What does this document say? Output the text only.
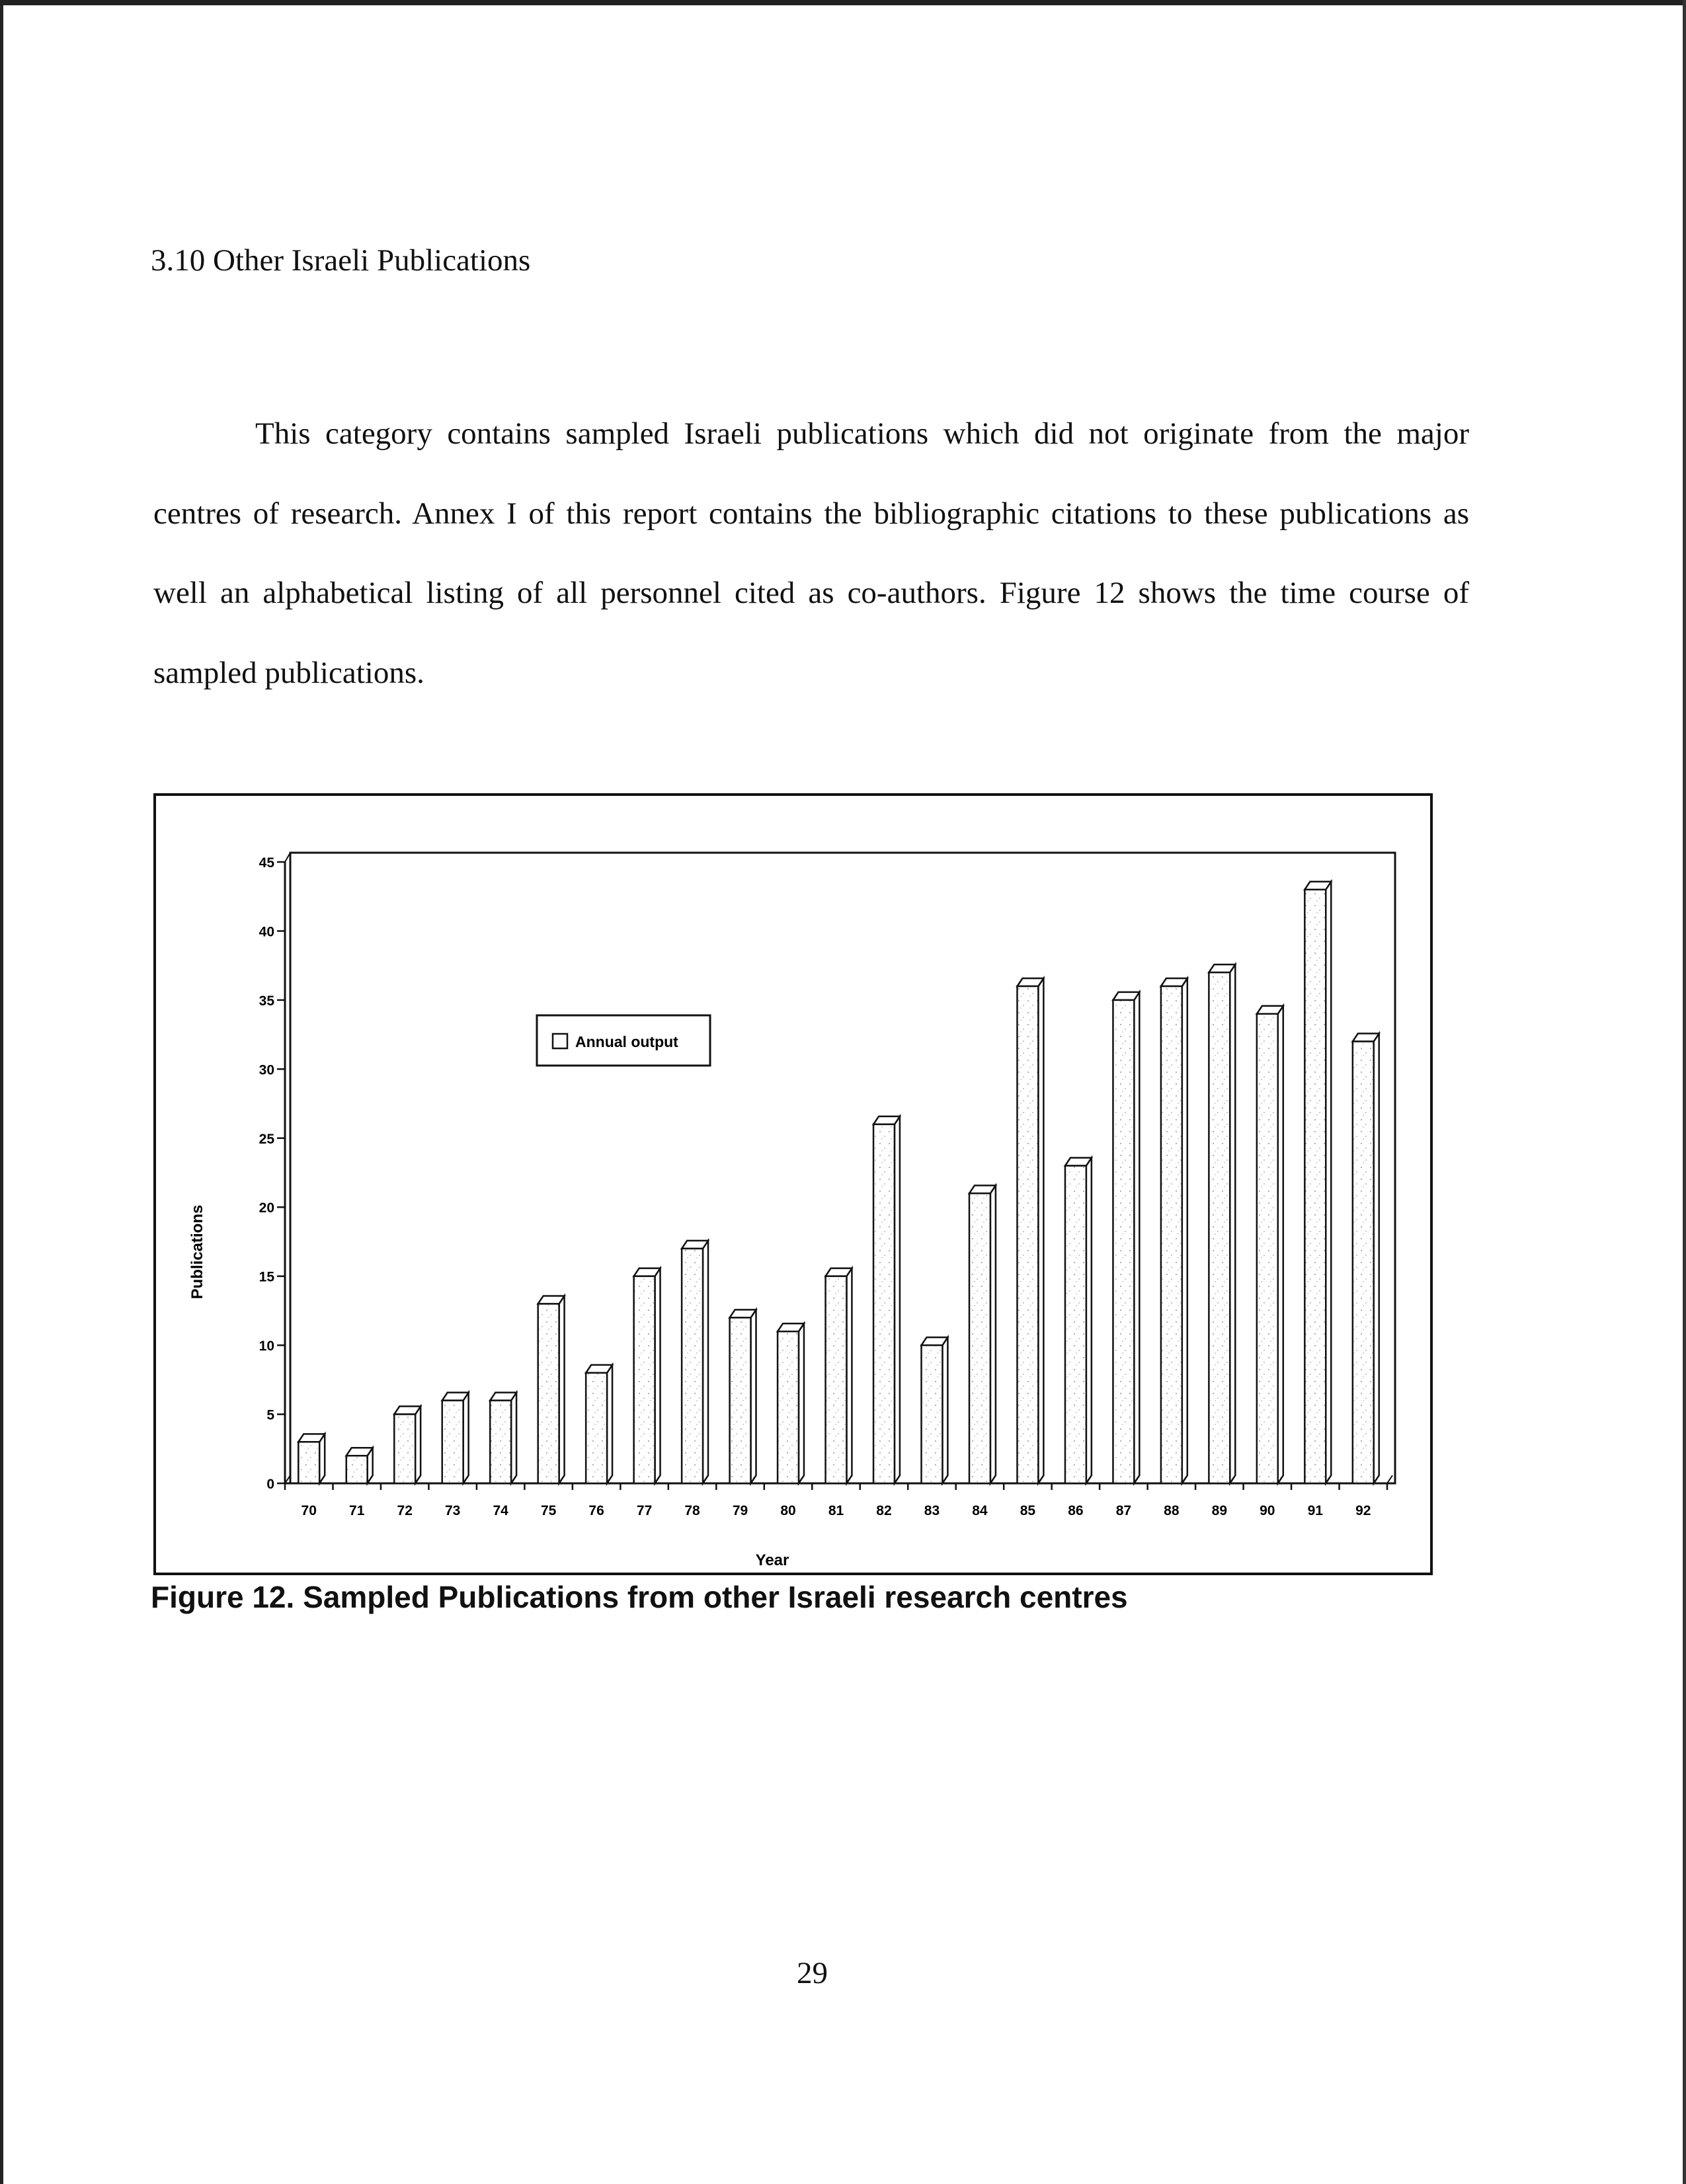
3.10 Other Israeli Publications

This category contains sampled Israeli publications which did not originate from the major centres of research. Annex I of this report contains the bibliographic citations to these publications as well an alphabetical listing of all personnel cited as co-authors. Figure 12 shows the time course of sampled publications.

0
5
10
15
20
25
30
35
40
45
70 71 72 73 74 75 76 77 78 79 80 81 82 83 84 85 86 87 88 89 90 91 92
Publications
Year
Annual output
Figure 12. Sampled Publications from other Israeli research centres
29
